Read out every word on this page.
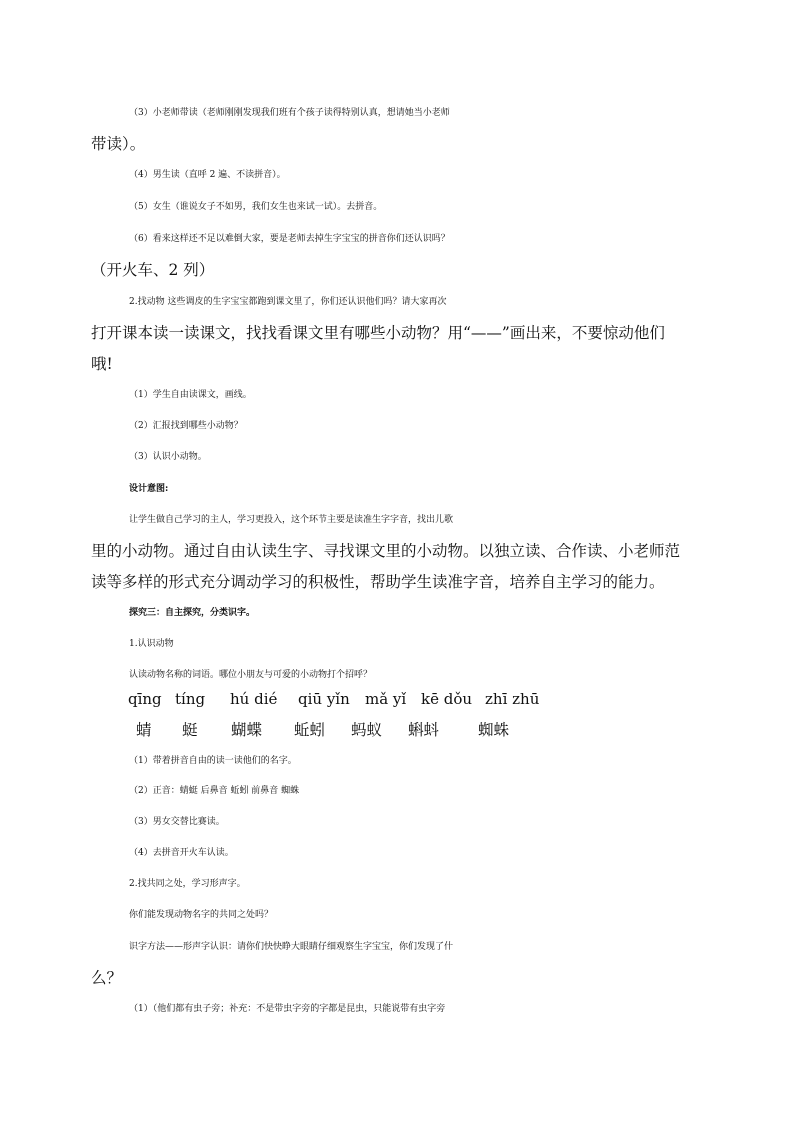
（3）小老师带读（老师刚刚发现我们班有个孩子读得特别认真，想请她当小老师

带读）。

（4）男生读（直呼 2 遍、不读拼音）。

（5）女生（谁说女子不如男，我们女生也来试一试）。去拼音。

（6）看来这样还不足以难倒大家，要是老师去掉生字宝宝的拼音你们还认识吗？

（开火车、2 列）

2.找动物 这些调皮的生字宝宝都跑到课文里了，你们还认识他们吗？请大家再次

打开课本读一读课文，找找看课文里有哪些小动物？用“——”画出来，不要惊动他们

哦!

（1）学生自由读课文，画线。

（2）汇报找到哪些小动物？

（3）认识小动物。

设计意图:

让学生做自己学习的主人，学习更投入，这个环节主要是读准生字字音，找出儿歌

里的小动物。通过自由认读生字、寻找课文里的小动物。以独立读、合作读、小老师范

读等多样的形式充分调动学习的积极性，帮助学生读准字音，培养自主学习的能力。

探究三：自主探究，分类识字。

1.认识动物

认读动物名称的词语。哪位小朋友与可爱的小动物打个招呼？

qīng tíng hú dié qiū yǐn mǎ yǐ kē dǒu zhī zhū
蜻 蜓 蝴蝶 蚯蚓 蚂蚁 蝌蚪	蜘蛛

（1）带着拼音自由的读一读他们的名字。

（2）正音：蜻蜓 后鼻音 蚯蚓 前鼻音 蜘蛛

（3）男女交替比赛读。

（4）去拼音开火车认读。

2.找共同之处，学习形声字。

你们能发现动物名字的共同之处吗？

识字方法——形声字认识：请你们快快睁大眼睛仔细观察生字宝宝，你们发现了什

么？

（1）（他们都有虫子旁；补充：不是带虫字旁的字都是昆虫，只能说带有虫字旁
